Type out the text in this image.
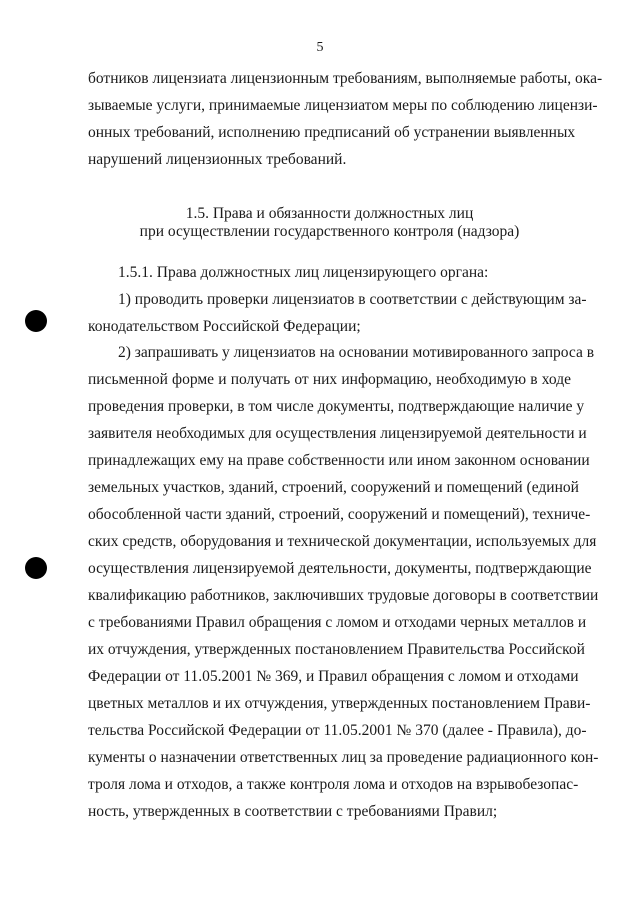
5
ботников лицензиата лицензионным требованиям, выполняемые работы, ока-
зываемые услуги, принимаемые лицензиатом меры по соблюдению лицензи-
онных требований, исполнению предписаний об устранении выявленных
нарушений лицензионных требований.
1.5. Права и обязанности должностных лиц
при осуществлении государственного контроля (надзора)
1.5.1. Права должностных лиц лицензирующего органа:
1) проводить проверки лицензиатов в соответствии с действующим за-
конодательством Российской Федерации;
2) запрашивать у лицензиатов на основании мотивированного запроса в
письменной форме и получать от них информацию, необходимую в ходе
проведения проверки, в том числе документы, подтверждающие наличие у
заявителя необходимых для осуществления лицензируемой деятельности и
принадлежащих ему на праве собственности или ином законном основании
земельных участков, зданий, строений, сооружений и помещений (единой
обособленной части зданий, строений, сооружений и помещений), техниче-
ских средств, оборудования и технической документации, используемых для
осуществления лицензируемой деятельности, документы, подтверждающие
квалификацию работников, заключивших трудовые договоры в соответствии
с требованиями Правил обращения с ломом и отходами черных металлов и
их отчуждения, утвержденных постановлением Правительства Российской
Федерации от 11.05.2001 № 369, и Правил обращения с ломом и отходами
цветных металлов и их отчуждения, утвержденных постановлением Прави-
тельства Российской Федерации от 11.05.2001 № 370 (далее - Правила), до-
кументы о назначении ответственных лиц за проведение радиационного кон-
троля лома и отходов, а также контроля лома и отходов на взрывобезопас-
ность, утвержденных в соответствии с требованиями Правил;
